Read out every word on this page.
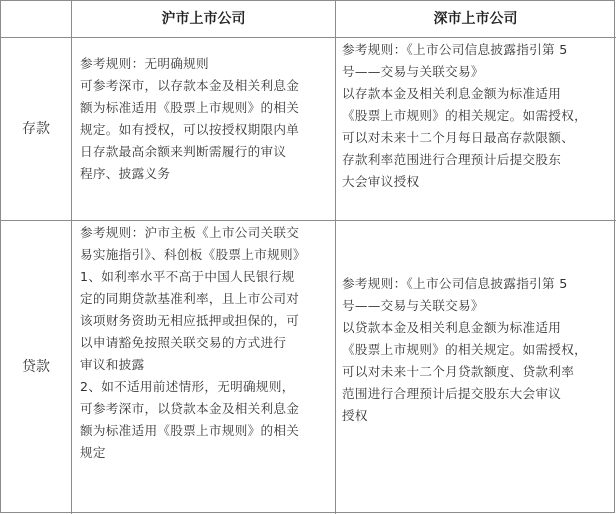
沪市上市公司	深市上市公司
存款

参考规则：无明确规则

可参考深市，以存款本金及相关利息金

额为标准适用《股票上市规则》的相关

规定。如有授权，可以按授权期限内单

日存款最高余额来判断需履行的审议

程序、披露义务

参考规则：《上市公司信息披露指引第 5

号——交易与关联交易》

以存款本金及相关利息金额为标准适用

《股票上市规则》的相关规定。如需授权，

可以对未来十二个月每日最高存款限额、

存款利率范围进行合理预计后提交股东

大会审议授权

贷款

参考规则：沪市主板《上市公司关联交

易实施指引》、科创板《股票上市规则》

1、如利率水平不高于中国人民银行规

定的同期贷款基准利率，且上市公司对

该项财务资助无相应抵押或担保的，可

以申请豁免按照关联交易的方式进行

审议和披露

2、如不适用前述情形，无明确规则，

可参考深市，以贷款本金及相关利息金

额为标准适用《股票上市规则》的相关

规定

参考规则：《上市公司信息披露指引第 5

号——交易与关联交易》

以贷款本金及相关利息金额为标准适用

《股票上市规则》的相关规定。如需授权，

可以对未来十二个月贷款额度、贷款利率

范围进行合理预计后提交股东大会审议

授权
